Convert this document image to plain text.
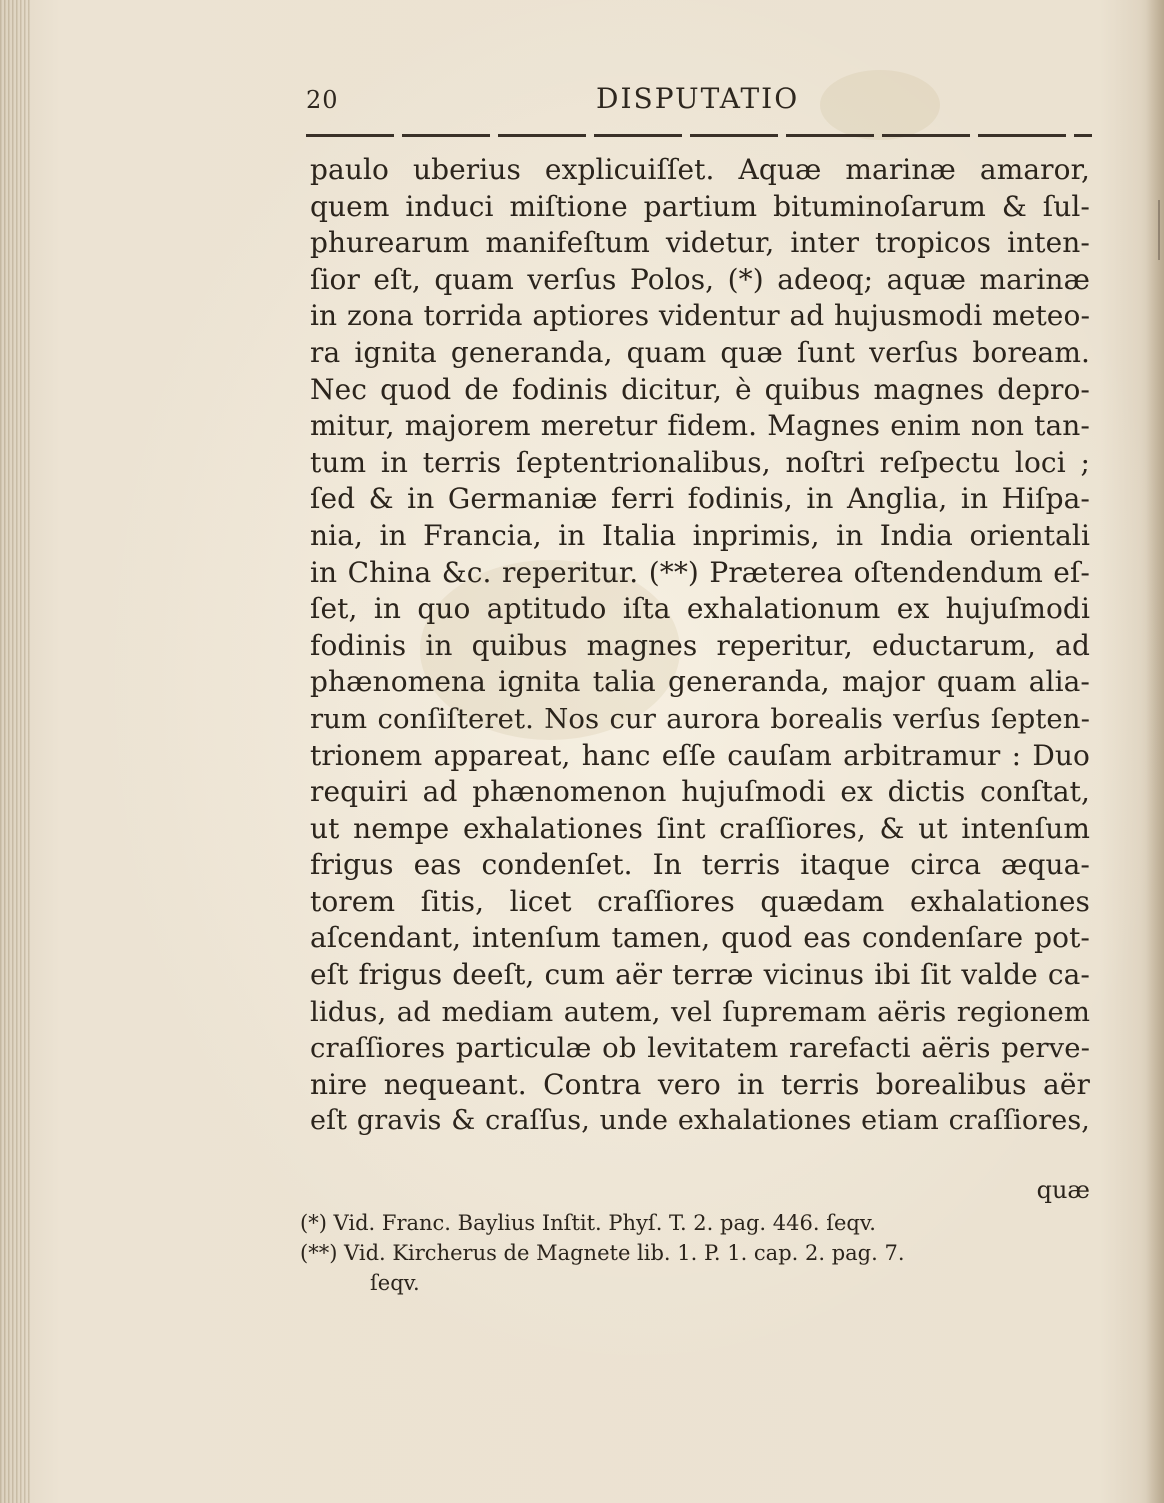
20	DISPUTATIO
paulo uberius explicuiſſet. Aquæ marinæ amaror,
quem induci miſtione partium bituminoſarum & ſul-
phurearum manifeſtum videtur, inter tropicos inten-
ſior eſt, quam verſus Polos, (*) adeoq; aquæ marinæ
in zona torrida aptiores videntur ad hujusmodi meteo-
ra ignita generanda, quam quæ ſunt verſus boream.
Nec quod de fodinis dicitur, è quibus magnes depro-
mitur, majorem meretur fidem. Magnes enim non tan-
tum in terris ſeptentrionalibus, noſtri reſpectu loci ;
ſed & in Germaniæ ferri fodinis, in Anglia, in Hiſpa-
nia, in Francia, in Italia inprimis, in India orientali
in China &c. reperitur. (**) Præterea oſtendendum eſ-
ſet, in quo aptitudo iſta exhalationum ex hujuſmodi
fodinis in quibus magnes reperitur, eductarum, ad
phænomena ignita talia generanda, major quam alia-
rum conſiſteret. Nos cur aurora borealis verſus ſepten-
trionem appareat, hanc eſſe cauſam arbitramur : Duo
requiri ad phænomenon hujuſmodi ex dictis conſtat,
ut nempe exhalationes ſint craſſiores, & ut intenſum
frigus eas condenſet. In terris itaque circa æqua-
torem ſitis, licet craſſiores quædam exhalationes
aſcendant, intenſum tamen, quod eas condenſare pot-
eſt frigus deeſt, cum aër terræ vicinus ibi ſit valde ca-
lidus, ad mediam autem, vel ſupremam aëris regionem
craſſiores particulæ ob levitatem rarefacti aëris perve-
nire nequeant. Contra vero in terris borealibus aër
eſt gravis & craſſus, unde exhalationes etiam craſſiores,
quæ
(*) Vid. Franc. Baylius Inſtit. Phyſ. T. 2. pag. 446. ſeqv.
(**) Vid. Kircherus de Magnete lib. 1. P. 1. cap. 2. pag. 7.
ſeqv.
